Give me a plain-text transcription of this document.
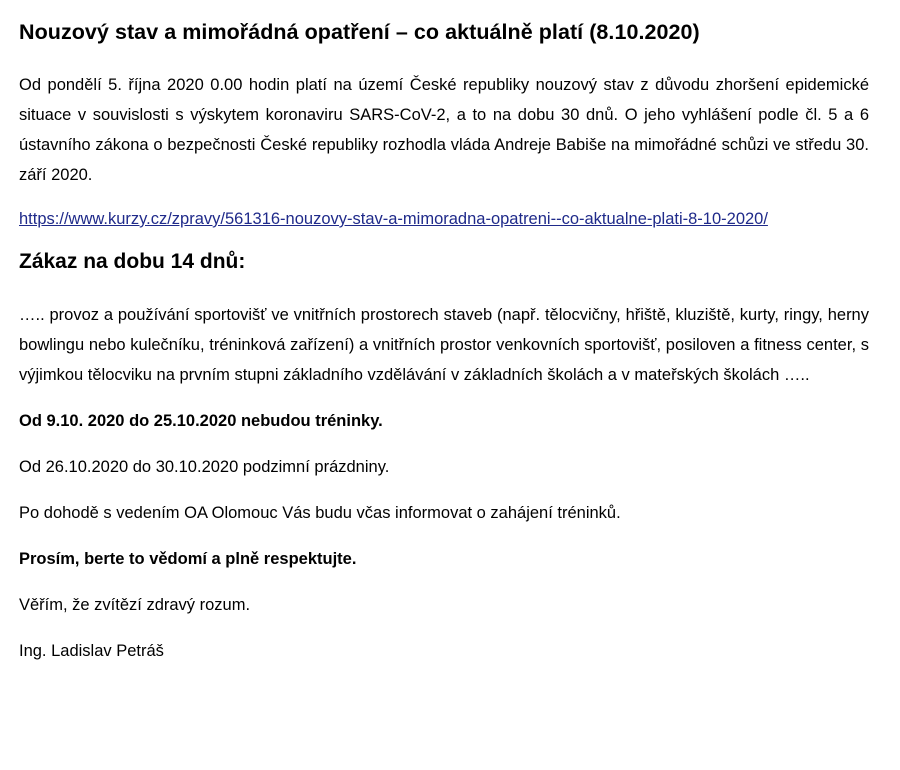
Nouzový stav a mimořádná opatření – co aktuálně platí (8.10.2020)

Od pondělí 5. října 2020 0.00 hodin platí na území České republiky nouzový stav z důvodu zhoršení epidemické situace v souvislosti s výskytem koronaviru SARS-CoV-2, a to na dobu 30 dnů. O jeho vyhlášení podle čl. 5 a 6 ústavního zákona o bezpečnosti České republiky rozhodla vláda Andreje Babiše na mimořádné schůzi ve středu 30. září 2020.

https://www.kurzy.cz/zpravy/561316-nouzovy-stav-a-mimoradna-opatreni--co-aktualne-plati-8-10-2020/

Zákaz na dobu 14 dnů:

….. provoz a používání sportovišť ve vnitřních prostorech staveb (např. tělocvičny, hřiště, kluziště, kurty, ringy, herny bowlingu nebo kulečníku, tréninková zařízení) a vnitřních prostor venkovních sportovišť, posiloven a fitness center, s výjimkou tělocviku na prvním stupni základního vzdělávání v základních školách a v mateřských školách …..

Od 9.10. 2020 do 25.10.2020 nebudou tréninky.

Od 26.10.2020 do 30.10.2020 podzimní prázdniny.

Po dohodě s vedením OA Olomouc Vás budu včas informovat o zahájení tréninků.

Prosím, berte to vědomí a plně respektujte.

Věřím, že zvítězí zdravý rozum.

Ing. Ladislav Petráš
